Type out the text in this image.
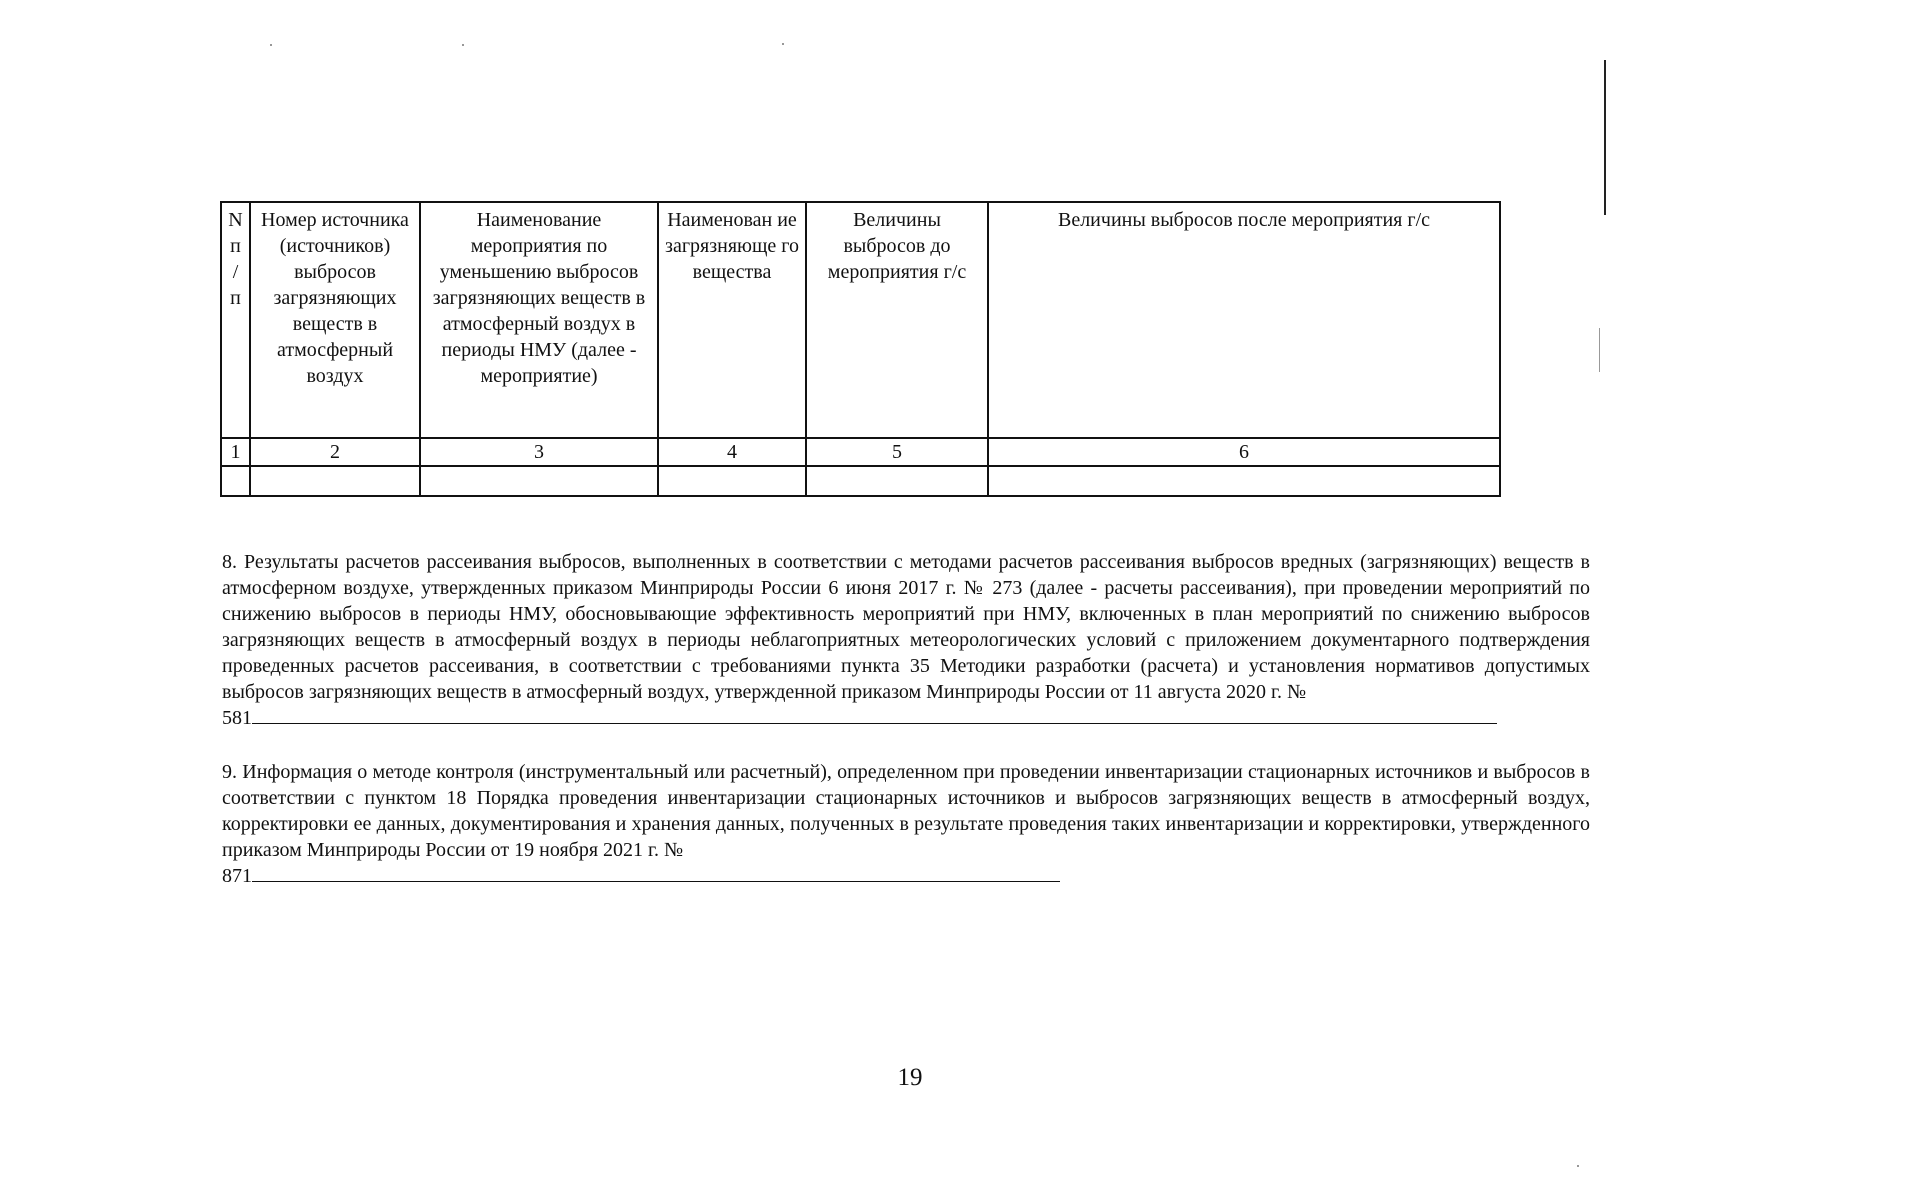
N п / п	Номер источника (источников) выбросов загрязняющих веществ в атмосферный воздух	Наименование мероприятия по уменьшению выбросов загрязняющих веществ в атмосферный воздух в периоды НМУ (далее - мероприятие)	Наименован ие загрязняюще го вещества	Величины выбросов до мероприятия г/с	Величины выбросов после мероприятия г/с
1	2	3	4	5	6

8. Результаты расчетов рассеивания выбросов, выполненных в соответствии с методами расчетов рассеивания выбросов вредных (загрязняющих) веществ в атмосферном воздухе, утвержденных приказом Минприроды России 6 июня 2017 г. № 273 (далее - расчеты рассеивания), при проведении мероприятий по снижению выбросов в периоды НМУ, обосновывающие эффективность мероприятий при НМУ, включенных в план мероприятий по снижению выбросов загрязняющих веществ в атмосферный воздух в периоды неблагоприятных метеорологических условий с приложением документарного подтверждения проведенных расчетов рассеивания, в соответствии с требованиями пункта 35 Методики разработки (расчета) и установления нормативов допустимых выбросов загрязняющих веществ в атмосферный воздух, утвержденной приказом Минприроды России от 11 августа 2020 г. №
581
9. Информация о методе контроля (инструментальный или расчетный), определенном при проведении инвентаризации стационарных источников и выбросов в соответствии с пунктом 18 Порядка проведения инвентаризации стационарных источников и выбросов загрязняющих веществ в атмосферный воздух, корректировки ее данных, документирования и хранения данных, полученных в результате проведения таких инвентаризации и корректировки, утвержденного приказом Минприроды России от 19 ноября 2021 г. №
871
19
